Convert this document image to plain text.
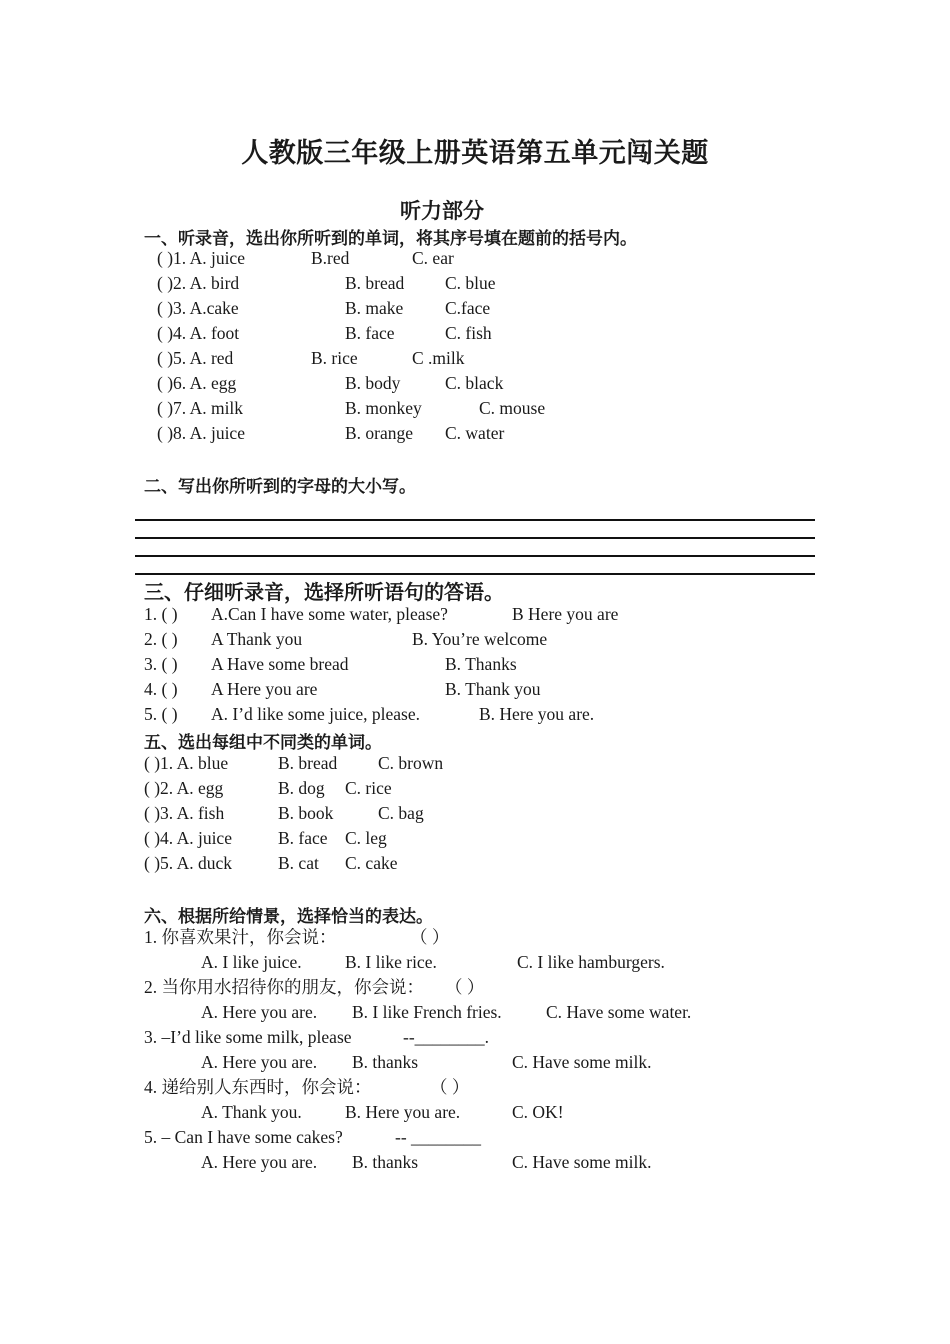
人教版三年级上册英语第五单元闯关题
听力部分
一、听录音，选出你所听到的单词，将其序号填在题前的括号内。
( )1. A. juice	B.red	C. ear
( )2. A. bird	B. bread C. blue
( )3. A.cake	B. make C.face
( )4. A. foot	B. face	C. fish
( )5. A. red	B. rice	C .milk
( )6. A. egg	B. body	C. black
( )7. A. milk	B. monkey	C. mouse
( )8. A. juice	B. orange C. water
二、写出你所听到的字母的大小写。
三、仔细听录音，选择所听语句的答语。
1. ( ) A.Can I have some water, please?	B Here you are
2. ( ) A Thank you	B. You’re welcome
3. ( ) A Have some bread	B. Thanks
4. ( ) A Here you are	B. Thank you
5. ( ) A. I’d like some juice, please.	B. Here you are.
五、选出每组中不同类的单词。
( )1. A. blue	B. bread C. brown
( )2. A. egg	B. dog C. rice
( )3. A. fish	B. book	C. bag
( )4. A. juice	B. face C. leg
( )5. A. duck	B. cat C. cake
六、根据所给情景，选择恰当的表达。
1. 你喜欢果汁，你会说：	（ ）
A. I like juice. B. I like rice.	C. I like hamburgers.
2. 当你用水招待你的朋友，你会说： （ ）
A. Here you are. B. I like French fries.	C. Have some water.
3. –I’d like some milk, please	--________.
A. Here you are. B. thanks	C. Have some milk.
4. 递给别人东西时，你会说：	（ ）
A. Thank you. B. Here you are.	C. OK!
5. – Can I have some cakes?	-- ________
A. Here you are. B. thanks	C. Have some milk.
